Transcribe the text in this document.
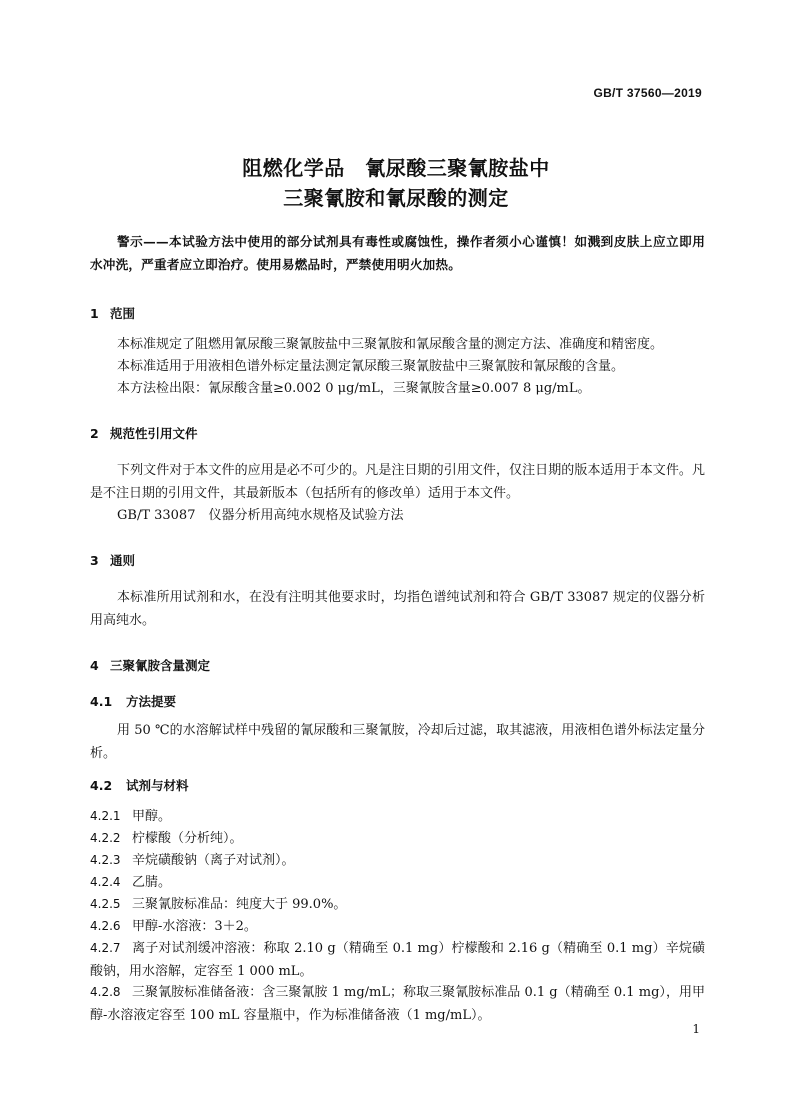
GB/T 37560—2019
阻燃化学品　氰尿酸三聚氰胺盐中
三聚氰胺和氰尿酸的测定
警示——本试验方法中使用的部分试剂具有毒性或腐蚀性，操作者须小心谨慎！如溅到皮肤上应立即用水冲洗，严重者应立即治疗。使用易燃品时，严禁使用明火加热。
1 范围
本标准规定了阻燃用氰尿酸三聚氰胺盐中三聚氰胺和氰尿酸含量的测定方法、准确度和精密度。
本标准适用于用液相色谱外标定量法测定氰尿酸三聚氰胺盐中三聚氰胺和氰尿酸的含量。
本方法检出限：氰尿酸含量≥0.002 0 μg/mL，三聚氰胺含量≥0.007 8 μg/mL。
2 规范性引用文件
下列文件对于本文件的应用是必不可少的。凡是注日期的引用文件，仅注日期的版本适用于本文件。凡是不注日期的引用文件，其最新版本（包括所有的修改单）适用于本文件。
GB/T 33087　仪器分析用高纯水规格及试验方法
3 通则
本标准所用试剂和水，在没有注明其他要求时，均指色谱纯试剂和符合 GB/T 33087 规定的仪器分析用高纯水。
4 三聚氰胺含量测定
4.1 方法提要
用 50 ℃的水溶解试样中残留的氰尿酸和三聚氰胺，冷却后过滤，取其滤液，用液相色谱外标法定量分析。
4.2 试剂与材料
4.2.1 甲醇。
4.2.2 柠檬酸（分析纯）。
4.2.3 辛烷磺酸钠（离子对试剂）。
4.2.4 乙腈。
4.2.5 三聚氰胺标准品：纯度大于 99.0%。
4.2.6 甲醇-水溶液：3＋2。
4.2.7 离子对试剂缓冲溶液：称取 2.10 g（精确至 0.1 mg）柠檬酸和 2.16 g（精确至 0.1 mg）辛烷磺酸钠，用水溶解，定容至 1 000 mL。
4.2.8 三聚氰胺标准储备液：含三聚氰胺 1 mg/mL；称取三聚氰胺标准品 0.1 g（精确至 0.1 mg），用甲醇-水溶液定容至 100 mL 容量瓶中，作为标准储备液（1 mg/mL）。
1
